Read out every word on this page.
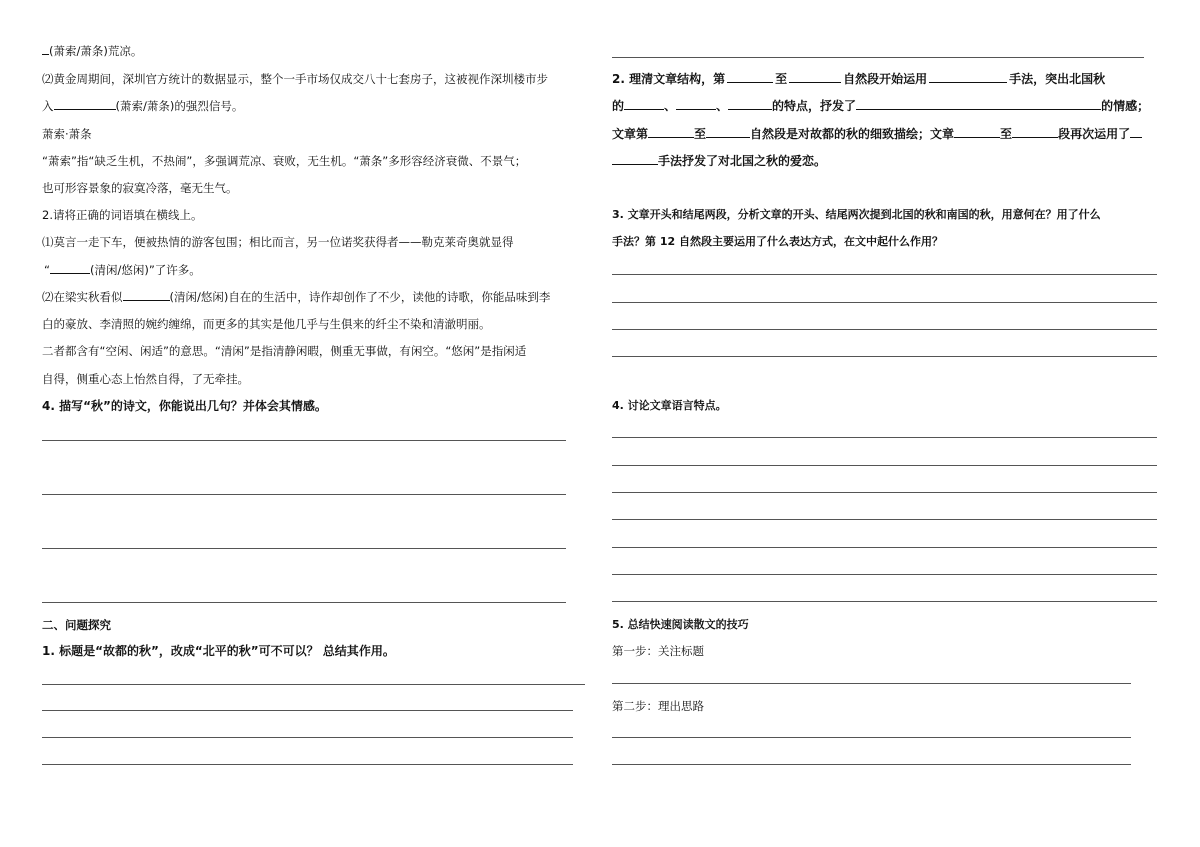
(萧索/萧条)荒凉。
⑵黄金周期间，深圳官方统计的数据显示，整个一手市场仅成交八十七套房子，这被视作深圳楼市步
入	(萧索/萧条)的强烈信号。
萧索·萧条
“萧索”指“缺乏生机，不热闹”，多强调荒凉、衰败，无生机。“萧条”多形容经济衰微、不景气；
也可形容景象的寂寞冷落，毫无生气。
2.请将正确的词语填在横线上。
⑴莫言一走下车，便被热情的游客包围；相比而言，另一位诺奖获得者——勒克莱奇奥就显得
“	(清闲/悠闲)”了许多。
⑵在梁实秋看似	(清闲/悠闲)自在的生活中，诗作却创作了不少，读他的诗歌，你能品味到李
白的豪放、李清照的婉约缠绵，而更多的其实是他几乎与生俱来的纤尘不染和清澈明丽。
二者都含有“空闲、闲适”的意思。“清闲”是指清静闲暇，侧重无事做，有闲空。“悠闲”是指闲适
自得，侧重心态上怡然自得，了无牵挂。
4. 描写“秋”的诗文，你能说出几句？并体会其情感。
二、问题探究
1. 标题是“故都的秋”，改成“北平的秋”可不可以？ 总结其作用。
2. 理清文章结构，第	至	自然段开始运用	手法，突出北国秋
的	、	、	的特点，抒发了	的情感；
文章第	至	自然段是对故都的秋的细致描绘；文章	至	段再次运用了
手法抒发了对北国之秋的爱恋。
3. 文章开头和结尾两段，分析文章的开头、结尾两次提到北国的秋和南国的秋，用意何在？用了什么
手法？第 12 自然段主要运用了什么表达方式，在文中起什么作用？
4. 讨论文章语言特点。
5. 总结快速阅读散文的技巧
第一步：关注标题
第二步：理出思路
